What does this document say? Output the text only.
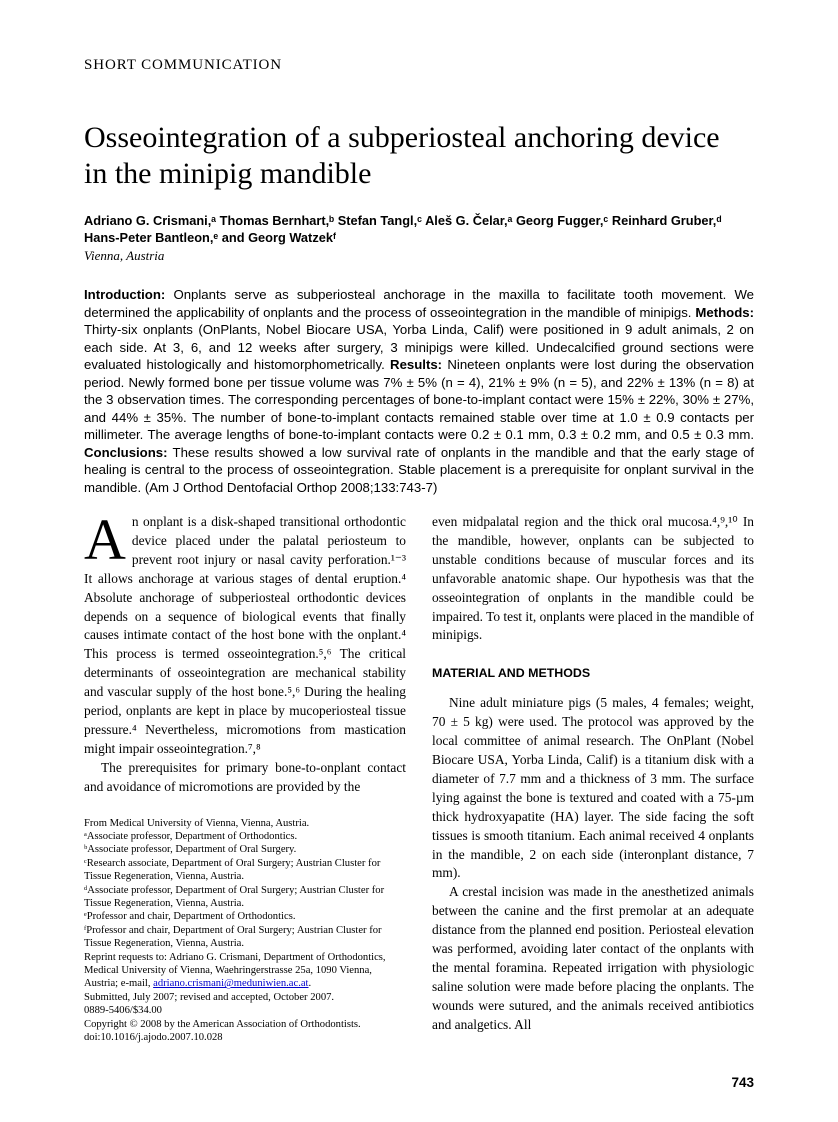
SHORT COMMUNICATION
Osseointegration of a subperiosteal anchoring device in the minipig mandible
Adriano G. Crismani,ᵃ Thomas Bernhart,ᵇ Stefan Tangl,ᶜ Aleš G. Čelar,ᵃ Georg Fugger,ᶜ Reinhard Gruber,ᵈ Hans-Peter Bantleon,ᵉ and Georg Watzekᶠ
Vienna, Austria

Introduction: Onplants serve as subperiosteal anchorage in the maxilla to facilitate tooth movement. We determined the applicability of onplants and the process of osseointegration in the mandible of minipigs. Methods: Thirty-six onplants (OnPlants, Nobel Biocare USA, Yorba Linda, Calif) were positioned in 9 adult animals, 2 on each side. At 3, 6, and 12 weeks after surgery, 3 minipigs were killed. Undecalcified ground sections were evaluated histologically and histomorphometrically. Results: Nineteen onplants were lost during the observation period. Newly formed bone per tissue volume was 7% ± 5% (n = 4), 21% ± 9% (n = 5), and 22% ± 13% (n = 8) at the 3 observation times. The corresponding percentages of bone-to-implant contact were 15% ± 22%, 30% ± 27%, and 44% ± 35%. The number of bone-to-implant contacts remained stable over time at 1.0 ± 0.9 contacts per millimeter. The average lengths of bone-to-implant contacts were 0.2 ± 0.1 mm, 0.3 ± 0.2 mm, and 0.5 ± 0.3 mm. Conclusions: These results showed a low survival rate of onplants in the mandible and that the early stage of healing is central to the process of osseointegration. Stable placement is a prerequisite for onplant survival in the mandible. (Am J Orthod Dentofacial Orthop 2008;133:743-7)

An onplant is a disk-shaped transitional orthodontic device placed under the palatal periosteum to prevent root injury or nasal cavity perforation.¹⁻³ It allows anchorage at various stages of dental eruption.⁴ Absolute anchorage of subperiosteal orthodontic devices depends on a sequence of biological events that finally causes intimate contact of the host bone with the onplant.⁴ This process is termed osseointegration.⁵,⁶ The critical determinants of osseointegration are mechanical stability and vascular supply of the host bone.⁵,⁶ During the healing period, onplants are kept in place by mucoperiosteal tissue pressure.⁴ Nevertheless, micromotions from mastication might impair osseointegration.⁷,⁸

The prerequisites for primary bone-to-onplant contact and avoidance of micromotions are provided by the

From Medical University of Vienna, Vienna, Austria.

ᵃAssociate professor, Department of Orthodontics.

ᵇAssociate professor, Department of Oral Surgery.

ᶜResearch associate, Department of Oral Surgery; Austrian Cluster for Tissue Regeneration, Vienna, Austria.

ᵈAssociate professor, Department of Oral Surgery; Austrian Cluster for Tissue Regeneration, Vienna, Austria.

ᵉProfessor and chair, Department of Orthodontics.

ᶠProfessor and chair, Department of Oral Surgery; Austrian Cluster for Tissue Regeneration, Vienna, Austria.

Reprint requests to: Adriano G. Crismani, Department of Orthodontics, Medical University of Vienna, Waehringerstrasse 25a, 1090 Vienna, Austria; e-mail, adriano.crismani@meduniwien.ac.at.

Submitted, July 2007; revised and accepted, October 2007.

0889-5406/$34.00

Copyright © 2008 by the American Association of Orthodontists.

doi:10.1016/j.ajodo.2007.10.028

even midpalatal region and the thick oral mucosa.⁴,⁹,¹⁰ In the mandible, however, onplants can be subjected to unstable conditions because of muscular forces and its unfavorable anatomic shape. Our hypothesis was that the osseointegration of onplants in the mandible could be impaired. To test it, onplants were placed in the mandible of minipigs.

MATERIAL AND METHODS

Nine adult miniature pigs (5 males, 4 females; weight, 70 ± 5 kg) were used. The protocol was approved by the local committee of animal research. The OnPlant (Nobel Biocare USA, Yorba Linda, Calif) is a titanium disk with a diameter of 7.7 mm and a thickness of 3 mm. The surface lying against the bone is textured and coated with a 75-µm thick hydroxyapatite (HA) layer. The side facing the soft tissues is smooth titanium. Each animal received 4 onplants in the mandible, 2 on each side (interonplant distance, 7 mm).

A crestal incision was made in the anesthetized animals between the canine and the first premolar at an adequate distance from the planned end position. Periosteal elevation was performed, avoiding later contact of the onplants with the mental foramina. Repeated irrigation with physiologic saline solution were made before placing the onplants. The wounds were sutured, and the animals received antibiotics and analgetics. All

743
